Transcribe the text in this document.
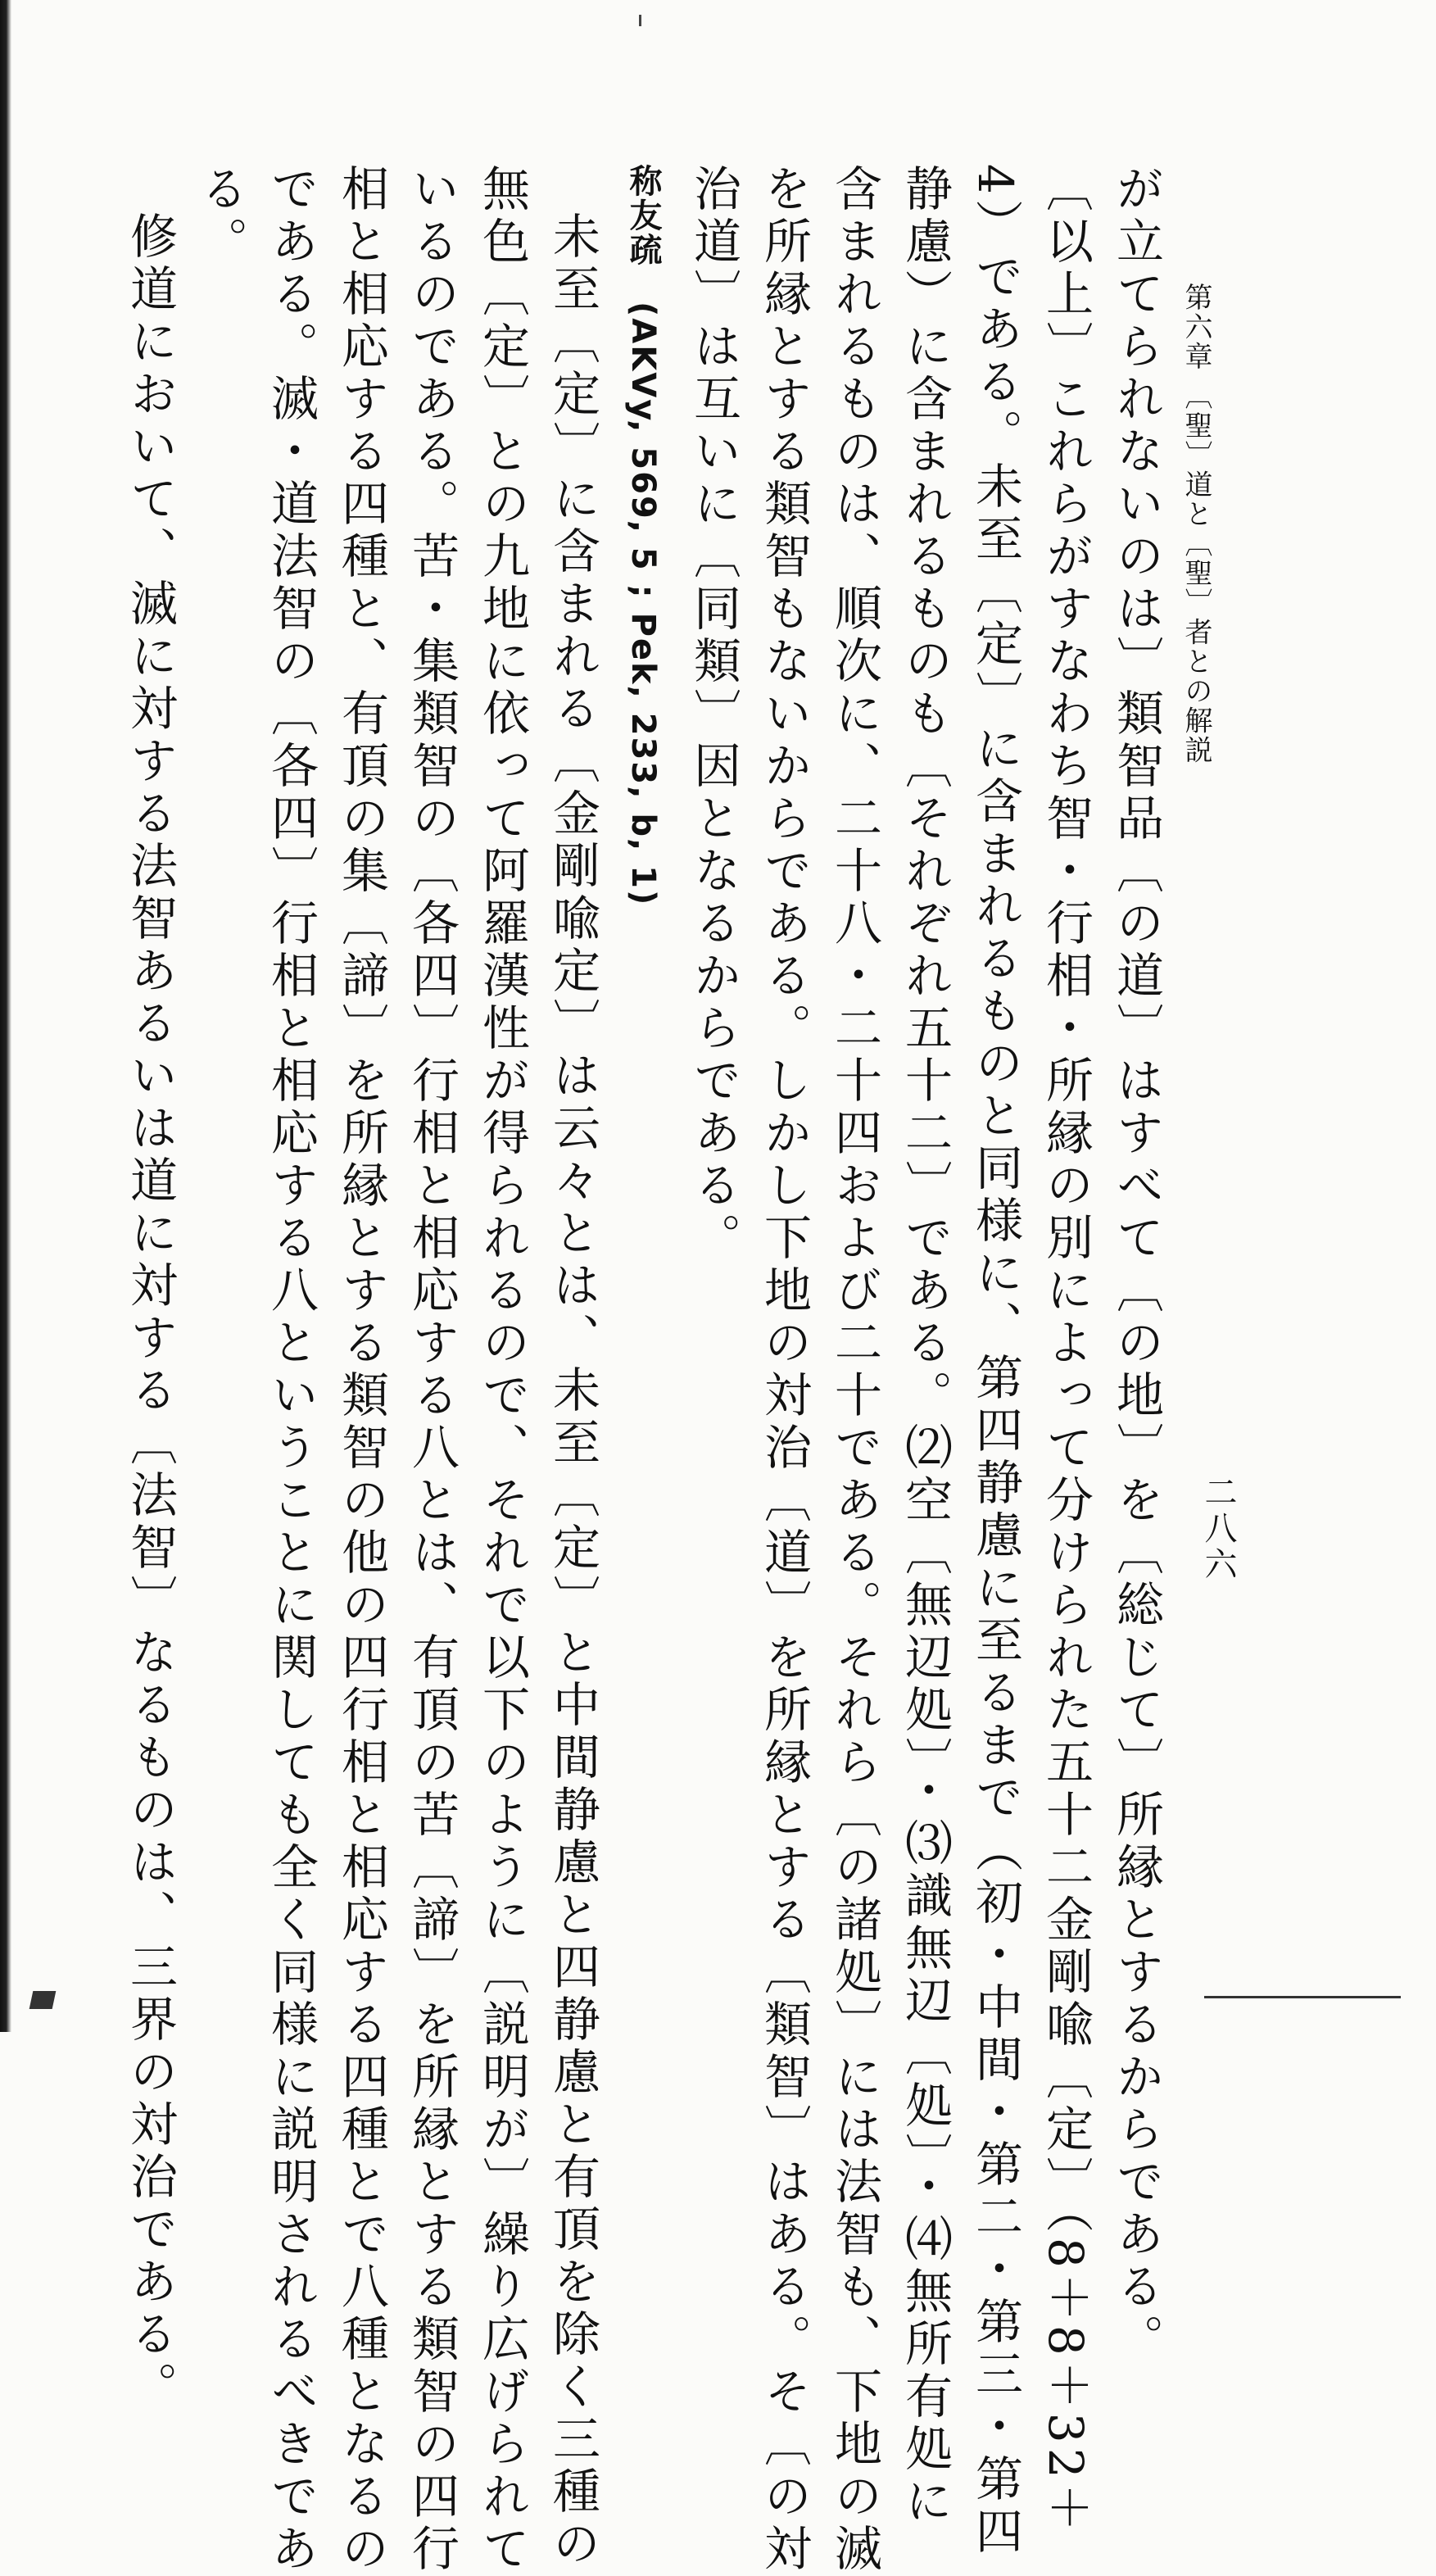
第六章 〔聖〕道と〔聖〕者との解説
二八六
が立てられないのは〕類智品〔の道〕はすべて〔の地〕を〔総じて〕所縁とするからである。
〔以上〕これらがすなわち智・行相・所縁の別によって分けられた五十二金剛喩〔定〕（8＋8＋32＋
4）である。未至〔定〕に含まれるものと同様に、第四静慮に至るまで（初・中間・第二・第三・第四
静慮）に含まれるものも〔それぞれ五十二〕である。⑵空〔無辺処〕・⑶識無辺〔処〕・⑷無所有処に
含まれるものは、順次に、二十八・二十四および二十である。それら〔の諸処〕には法智も、下地の滅
を所縁とする類智もないからである。しかし下地の対治〔道〕を所縁とする〔類智〕はある。そ〔の対
治道〕は互いに〔同類〕因となるからである。
称友疏　(AKVy, 569, 5 ; Pek, 233, b, 1)
未至〔定〕に含まれる〔金剛喩定〕は云々とは、未至〔定〕と中間静慮と四静慮と有頂を除く三種の
無色〔定〕との九地に依って阿羅漢性が得られるので、それで以下のように〔説明が〕繰り広げられて
いるのである。苦・集類智の〔各四〕行相と相応する八とは、有頂の苦〔諦〕を所縁とする類智の四行
相と相応する四種と、有頂の集〔諦〕を所縁とする類智の他の四行相と相応する四種とで八種となるの
である。滅・道法智の〔各四〕行相と相応する八ということに関しても全く同様に説明されるべきであ
る。
修道において、滅に対する法智あるいは道に対する〔法智〕なるものは、三界の対治である。
